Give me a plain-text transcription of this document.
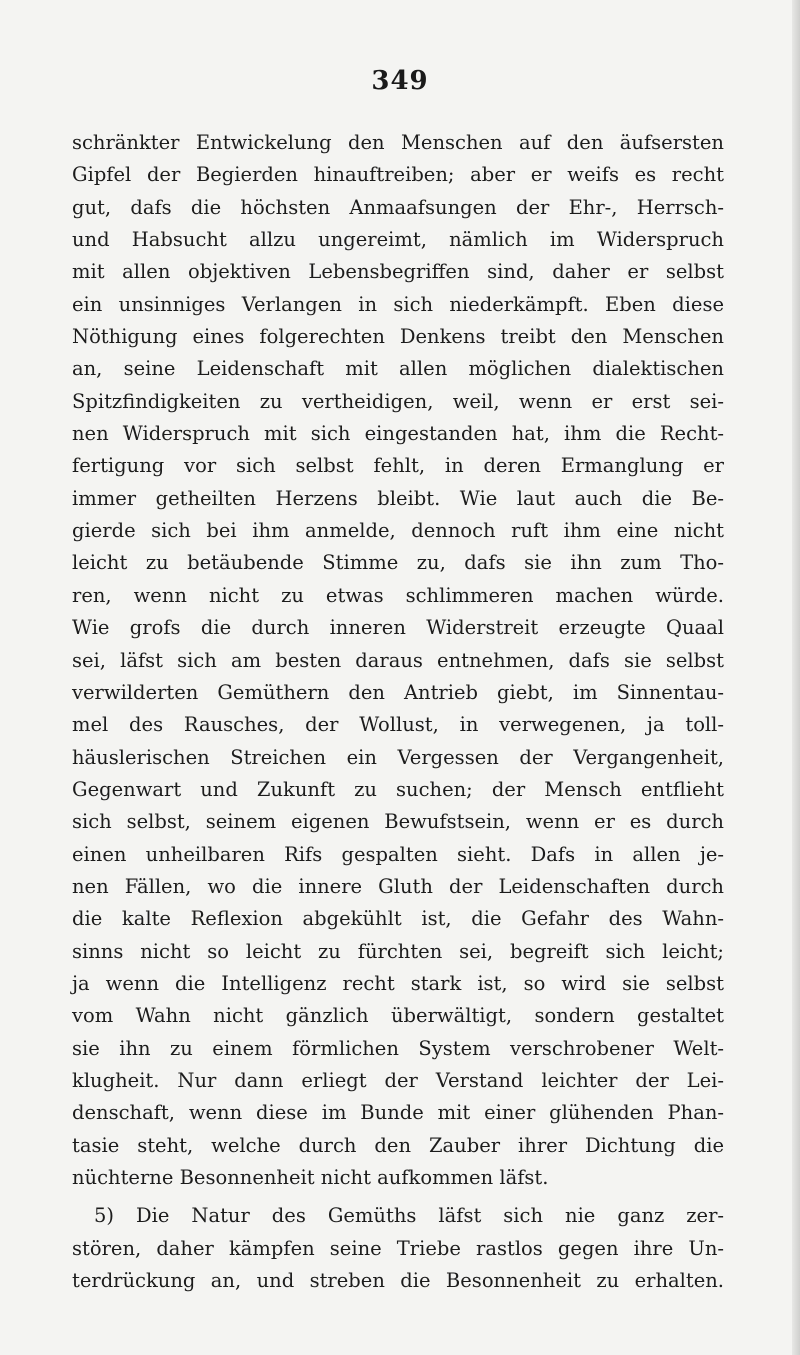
349
schränkter Entwickelung den Menschen auf den äufsersten
Gipfel der Begierden hinauftreiben; aber er weifs es recht
gut, dafs die höchsten Anmaafsungen der Ehr-, Herrsch-
und Habsucht allzu ungereimt, nämlich im Widerspruch
mit allen objektiven Lebensbegriffen sind, daher er selbst
ein unsinniges Verlangen in sich niederkämpft. Eben diese
Nöthigung eines folgerechten Denkens treibt den Menschen
an, seine Leidenschaft mit allen möglichen dialektischen
Spitzfindigkeiten zu vertheidigen, weil, wenn er erst sei-
nen Widerspruch mit sich eingestanden hat, ihm die Recht-
fertigung vor sich selbst fehlt, in deren Ermanglung er
immer getheilten Herzens bleibt. Wie laut auch die Be-
gierde sich bei ihm anmelde, dennoch ruft ihm eine nicht
leicht zu betäubende Stimme zu, dafs sie ihn zum Tho-
ren, wenn nicht zu etwas schlimmeren machen würde.
Wie grofs die durch inneren Widerstreit erzeugte Quaal
sei, läfst sich am besten daraus entnehmen, dafs sie selbst
verwilderten Gemüthern den Antrieb giebt, im Sinnentau-
mel des Rausches, der Wollust, in verwegenen, ja toll-
häuslerischen Streichen ein Vergessen der Vergangenheit,
Gegenwart und Zukunft zu suchen; der Mensch entflieht
sich selbst, seinem eigenen Bewufstsein, wenn er es durch
einen unheilbaren Rifs gespalten sieht. Dafs in allen je-
nen Fällen, wo die innere Gluth der Leidenschaften durch
die kalte Reflexion abgekühlt ist, die Gefahr des Wahn-
sinns nicht so leicht zu fürchten sei, begreift sich leicht;
ja wenn die Intelligenz recht stark ist, so wird sie selbst
vom Wahn nicht gänzlich überwältigt, sondern gestaltet
sie ihn zu einem förmlichen System verschrobener Welt-
klugheit. Nur dann erliegt der Verstand leichter der Lei-
denschaft, wenn diese im Bunde mit einer glühenden Phan-
tasie steht, welche durch den Zauber ihrer Dichtung die
nüchterne Besonnenheit nicht aufkommen läfst.
5) Die Natur des Gemüths läfst sich nie ganz zer-
stören, daher kämpfen seine Triebe rastlos gegen ihre Un-
terdrückung an, und streben die Besonnenheit zu erhalten.
